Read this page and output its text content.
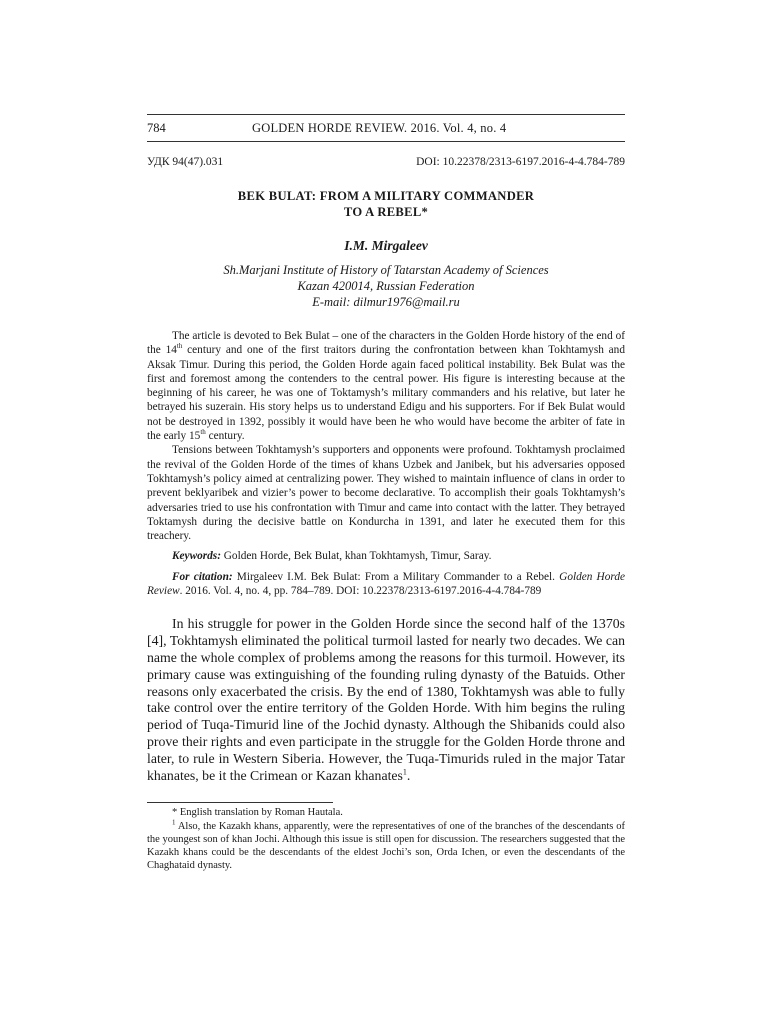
784	GOLDEN HORDE REVIEW. 2016. Vol. 4, no. 4
УДК 94(47).031	DOI: 10.22378/2313-6197.2016-4-4.784-789
BEK BULAT: FROM A MILITARY COMMANDER
TO A REBEL*
I.M. Mirgaleev
Sh.Marjani Institute of History of Tatarstan Academy of Sciences
Kazan 420014, Russian Federation
E-mail: dilmur1976@mail.ru

The article is devoted to Bek Bulat – one of the characters in the Golden Horde history of the end of the 14th century and one of the first traitors during the confrontation between khan Tokhtamysh and Aksak Timur. During this period, the Golden Horde again faced political instability. Bek Bulat was the first and foremost among the contenders to the central power. His figure is interesting because at the beginning of his career, he was one of Toktamysh’s military commanders and his relative, but later he betrayed his suzerain. His story helps us to understand Edigu and his supporters. For if Bek Bulat would not be destroyed in 1392, possibly it would have been he who would have become the arbiter of fate in the early 15th century.

Tensions between Tokhtamysh’s supporters and opponents were profound. Tokhtamysh proclaimed the revival of the Golden Horde of the times of khans Uzbek and Janibek, but his adversaries opposed Tokhtamysh’s policy aimed at centralizing power. They wished to maintain influence of clans in order to prevent beklyaribek and vizier’s power to become declarative. To accomplish their goals Tokhtamysh’s adversaries tried to use his confrontation with Timur and came into contact with the latter. They betrayed Toktamysh during the decisive battle on Kondurcha in 1391, and later he executed them for this treachery.

Keywords: Golden Horde, Bek Bulat, khan Tokhtamysh, Timur, Saray.

For citation: Mirgaleev I.M. Bek Bulat: From a Military Commander to a Rebel. Golden Horde Review. 2016. Vol. 4, no. 4, pp. 784–789. DOI: 10.22378/2313-6197.2016-4-4.784-789

In his struggle for power in the Golden Horde since the second half of the 1370s [4], Tokhtamysh eliminated the political turmoil lasted for nearly two decades. We can name the whole complex of problems among the reasons for this turmoil. However, its primary cause was extinguishing of the founding ruling dynasty of the Batuids. Other reasons only exacerbated the crisis. By the end of 1380, Tokhtamysh was able to fully take control over the entire territory of the Golden Horde. With him begins the ruling period of Tuqa-Timurid line of the Jochid dynasty. Although the Shibanids could also prove their rights and even participate in the struggle for the Golden Horde throne and later, to rule in Western Siberia. However, the Tuqa-Timurids ruled in the major Tatar khanates, be it the Crimean or Kazan khanates$^1$.

* English translation by Roman Hautala.

$^1$ Also, the Kazakh khans, apparently, were the representatives of one of the branches of the descendants of the youngest son of khan Jochi. Although this issue is still open for discussion. The researchers suggested that the Kazakh khans could be the descendants of the eldest Jochi’s son, Orda Ichen, or even the descendants of the Chaghataid dynasty.
